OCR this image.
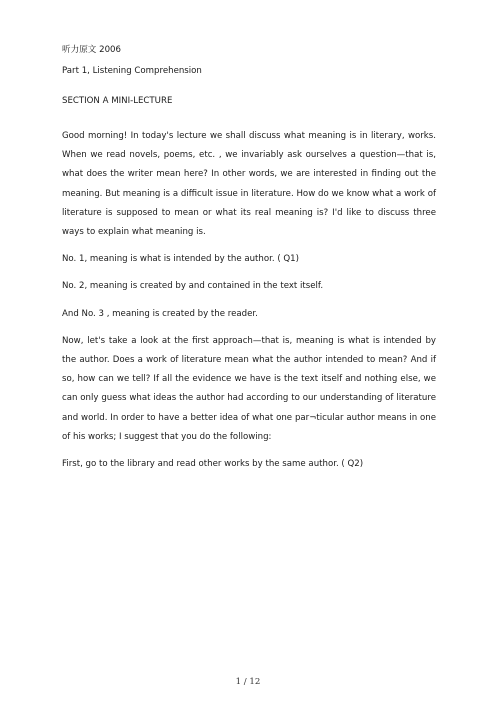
听力原文 2006
Part 1, Listening Comprehension
SECTION A MINI-LECTURE

Good morning! In today's lecture we shall discuss what meaning is in literary, works. When we read novels, poems, etc. , we invariably ask ourselves a question—that is, what does the writer mean here? In other words, we are interested in finding out the meaning. But meaning is a difficult issue in literature. How do we know what a work of literature is supposed to mean or what its real meaning is? I'd like to discuss three ways to explain what meaning is.

No. 1, meaning is what is intended by the author. ( Q1)

No. 2, meaning is created by and contained in the text itself.

And No. 3 , meaning is created by the reader.

Now, let's take a look at the first approach—that is, meaning is what is intended by the author. Does a work of literature mean what the author intended to mean? And if so, how can we tell? If all the evidence we have is the text itself and nothing else, we can only guess what ideas the author had according to our understanding of literature and world. In order to have a better idea of what one par¬ticular author means in one of his works; I suggest that you do the following:

First, go to the library and read other works by the same author. ( Q2)

1 / 12
